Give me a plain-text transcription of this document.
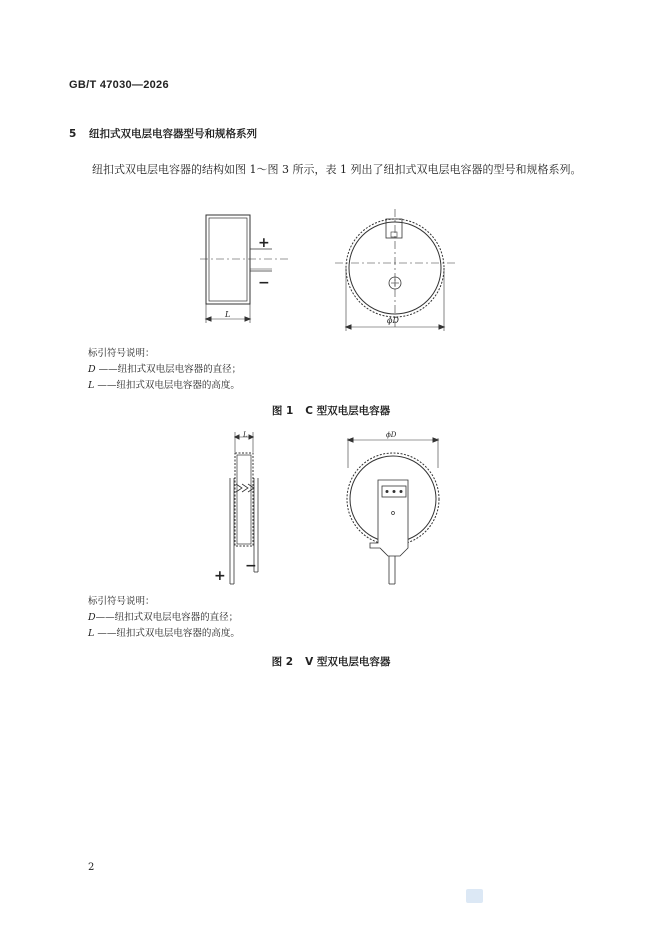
GB/T 47030—2026
5 纽扣式双电层电容器型号和规格系列
纽扣式双电层电容器的结构如图 1～图 3 所示，表 1 列出了纽扣式双电层电容器的型号和规格系列。
+
−
L
ϕD
标引符号说明：
D ——纽扣式双电层电容器的直径；
L ——纽扣式双电层电容器的高度。
图 1 C 型双电层电容器
L
+
−
ϕD
标引符号说明：
D——纽扣式双电层电容器的直径；
L ——纽扣式双电层电容器的高度。
图 2 V 型双电层电容器
2
